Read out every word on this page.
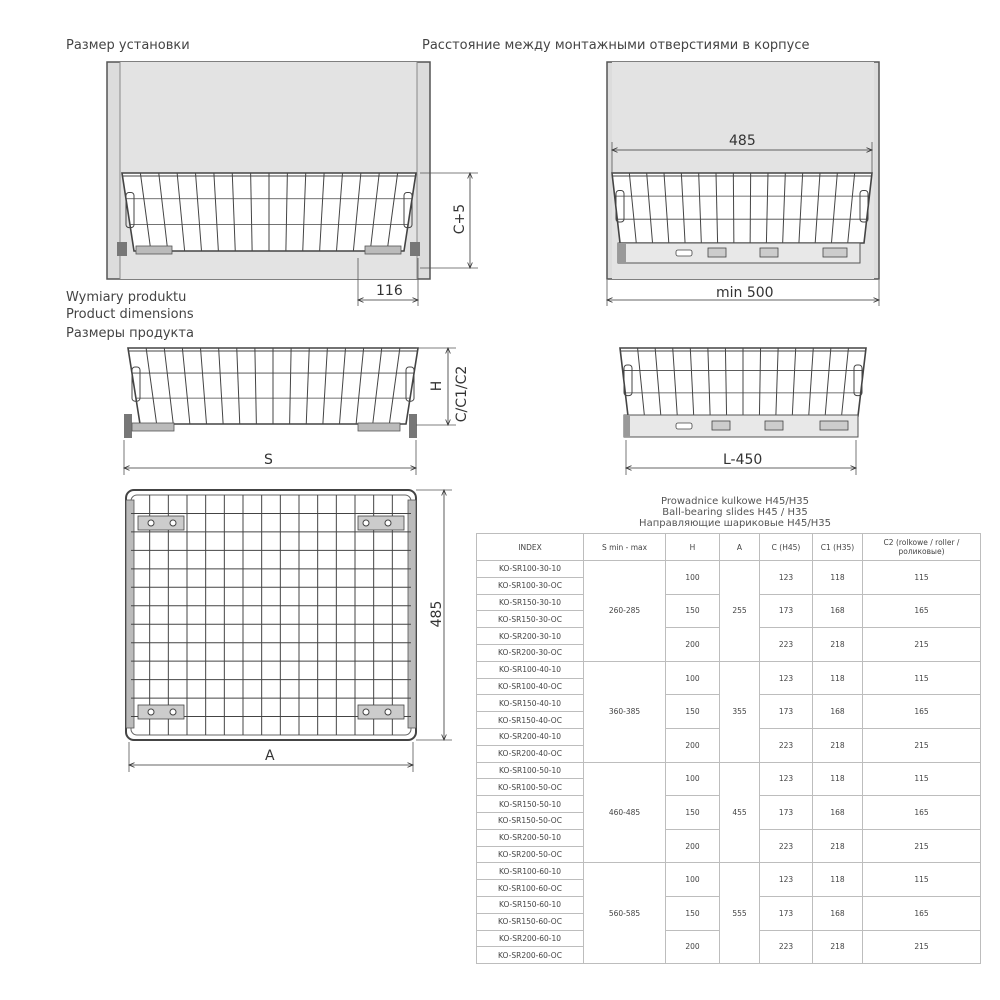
Размер установки	Расстояние между монтажными отверстиями в корпусе
Wymiary produktu
Product dimensions
Размеры продукта
C+5
116
485
min 500
H C/C1/C2
S	L-450
485
A
Prowadnice kulkowe H45/H35
Ball-bearing slides H45 / H35
Направляющие шариковые H45/H35
INDEX	S min - max	H	A	C (H45)	C1 (H35)	C2 (rolkowe / roller / роликовые)
KO-SR100-30-10	260-285	100	255	123	118	115
KO-SR100-30-OC						
KO-SR150-30-10		150		173	168	165
KO-SR150-30-OC						
KO-SR200-30-10		200		223	218	215
KO-SR200-30-OC						
KO-SR100-40-10	360-385	100	355	123	118	115
KO-SR100-40-OC						
KO-SR150-40-10		150		173	168	165
KO-SR150-40-OC						
KO-SR200-40-10		200		223	218	215
KO-SR200-40-OC						
KO-SR100-50-10	460-485	100	455	123	118	115
KO-SR100-50-OC						
KO-SR150-50-10		150		173	168	165
KO-SR150-50-OC						
KO-SR200-50-10		200		223	218	215
KO-SR200-50-OC						
KO-SR100-60-10	560-585	100	555	123	118	115
KO-SR100-60-OC						
KO-SR150-60-10		150		173	168	165
KO-SR150-60-OC						
KO-SR200-60-10		200		223	218	215
KO-SR200-60-OC						
